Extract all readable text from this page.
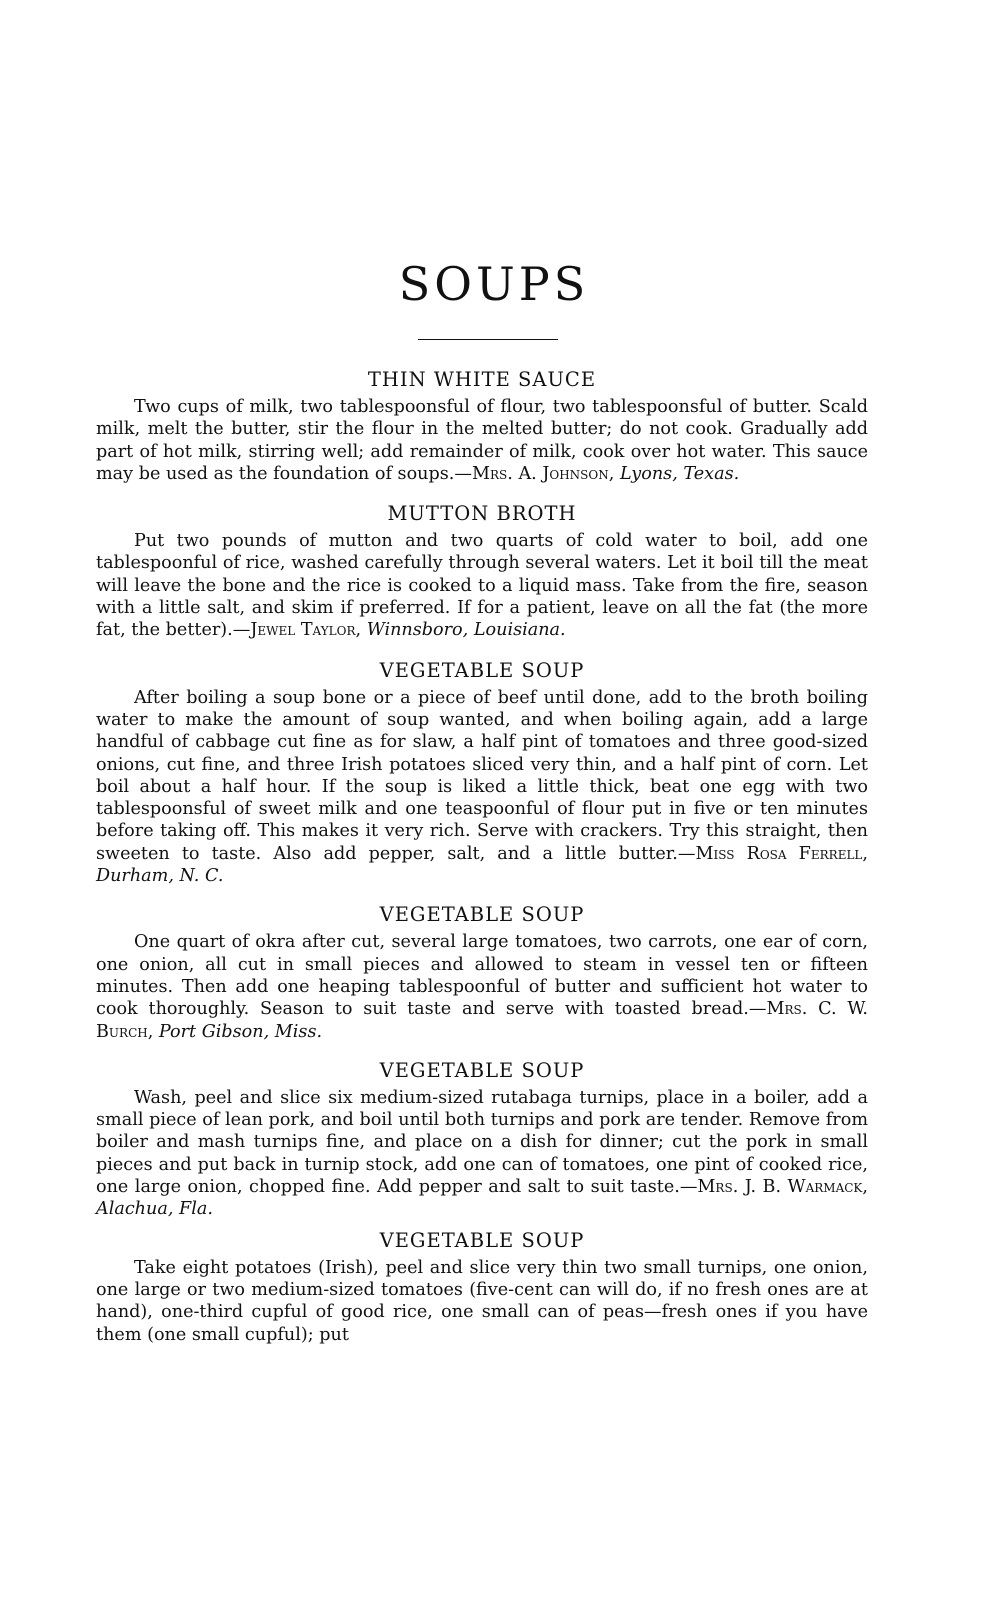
SOUPS
THIN WHITE SAUCE

Two cups of milk, two tablespoonsful of flour, two tablespoonsful of butter. Scald milk, melt the butter, stir the flour in the melted butter; do not cook. Gradually add part of hot milk, stirring well; add remainder of milk, cook over hot water. This sauce may be used as the foundation of soups.—Mrs. A. Johnson, Lyons, Texas.

MUTTON BROTH

Put two pounds of mutton and two quarts of cold water to boil, add one tablespoonful of rice, washed carefully through several waters. Let it boil till the meat will leave the bone and the rice is cooked to a liquid mass. Take from the fire, season with a little salt, and skim if preferred. If for a patient, leave on all the fat (the more fat, the better).—Jewel Taylor, Winnsboro, Louisiana.

VEGETABLE SOUP

After boiling a soup bone or a piece of beef until done, add to the broth boiling water to make the amount of soup wanted, and when boiling again, add a large handful of cabbage cut fine as for slaw, a half pint of tomatoes and three good-sized onions, cut fine, and three Irish potatoes sliced very thin, and a half pint of corn. Let boil about a half hour. If the soup is liked a little thick, beat one egg with two tablespoonsful of sweet milk and one teaspoonful of flour put in five or ten minutes before taking off. This makes it very rich. Serve with crackers. Try this straight, then sweeten to taste. Also add pepper, salt, and a little butter.—Miss Rosa Ferrell, Durham, N. C.

VEGETABLE SOUP

One quart of okra after cut, several large tomatoes, two carrots, one ear of corn, one onion, all cut in small pieces and allowed to steam in vessel ten or fifteen minutes. Then add one heaping tablespoonful of butter and sufficient hot water to cook thoroughly. Season to suit taste and serve with toasted bread.—Mrs. C. W. Burch, Port Gibson, Miss.

VEGETABLE SOUP

Wash, peel and slice six medium-sized rutabaga turnips, place in a boiler, add a small piece of lean pork, and boil until both turnips and pork are tender. Remove from boiler and mash turnips fine, and place on a dish for dinner; cut the pork in small pieces and put back in turnip stock, add one can of tomatoes, one pint of cooked rice, one large onion, chopped fine. Add pepper and salt to suit taste.—Mrs. J. B. Warmack, Alachua, Fla.

VEGETABLE SOUP

Take eight potatoes (Irish), peel and slice very thin two small turnips, one onion, one large or two medium-sized tomatoes (five-cent can will do, if no fresh ones are at hand), one-third cupful of good rice, one small can of peas—fresh ones if you have them (one small cupful); put
